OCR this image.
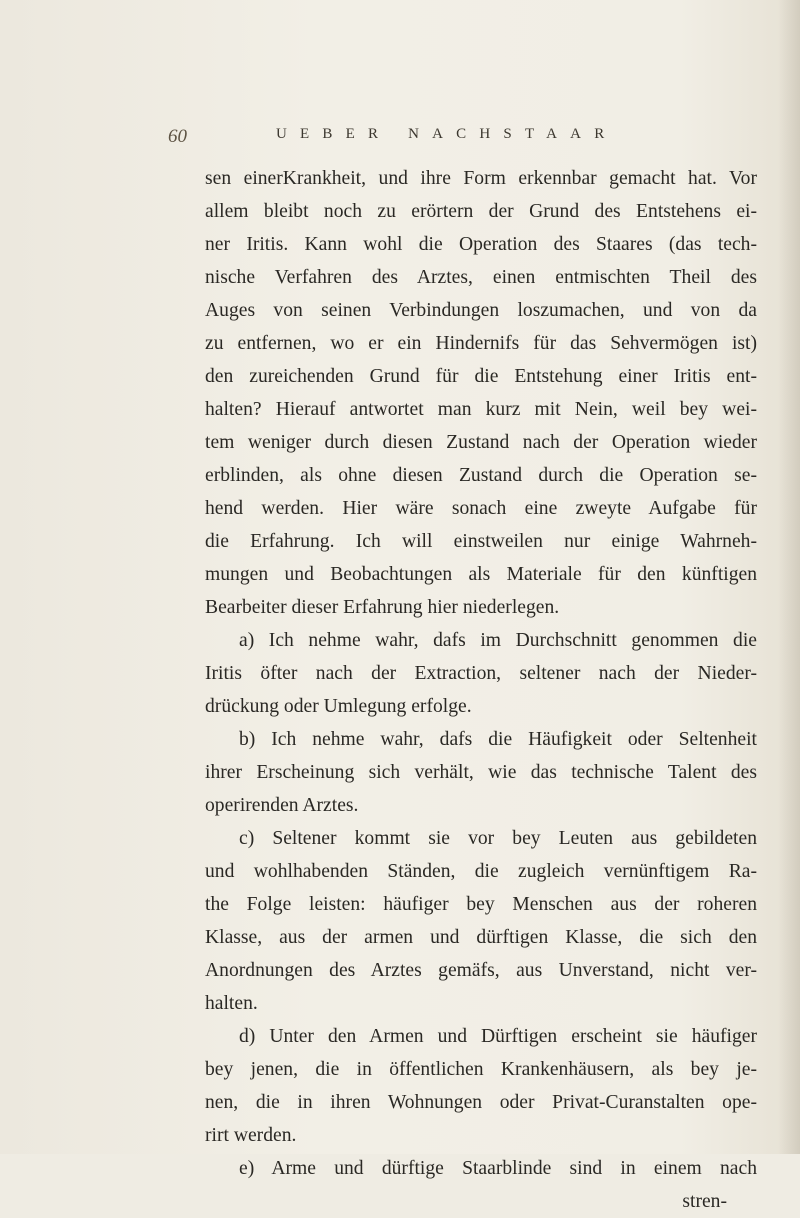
60	UEBER NACHSTAAR
sen einerKrankheit, und ihre Form erkennbar gemacht hat. Vor
allem bleibt noch zu erörtern der Grund des Entstehens ei-
ner Iritis. Kann wohl die Operation des Staares (das tech-
nische Verfahren des Arztes, einen entmischten Theil des
Auges von seinen Verbindungen loszumachen, und von da
zu entfernen, wo er ein Hindernifs für das Sehvermögen ist)
den zureichenden Grund für die Entstehung einer Iritis ent-
halten? Hierauf antwortet man kurz mit Nein, weil bey wei-
tem weniger durch diesen Zustand nach der Operation wieder
erblinden, als ohne diesen Zustand durch die Operation se-
hend werden. Hier wäre sonach eine zweyte Aufgabe für
die Erfahrung. Ich will einstweilen nur einige Wahrneh-
mungen und Beobachtungen als Materiale für den künftigen
Bearbeiter dieser Erfahrung hier niederlegen.
a) Ich nehme wahr, dafs im Durchschnitt genommen die
Iritis öfter nach der Extraction, seltener nach der Nieder-
drückung oder Umlegung erfolge.
b) Ich nehme wahr, dafs die Häufigkeit oder Seltenheit
ihrer Erscheinung sich verhält, wie das technische Talent des
operirenden Arztes.
c) Seltener kommt sie vor bey Leuten aus gebildeten
und wohlhabenden Ständen, die zugleich vernünftigem Ra-
the Folge leisten: häufiger bey Menschen aus der roheren
Klasse, aus der armen und dürftigen Klasse, die sich den
Anordnungen des Arztes gemäfs, aus Unverstand, nicht ver-
halten.
d) Unter den Armen und Dürftigen erscheint sie häufiger
bey jenen, die in öffentlichen Krankenhäusern, als bey je-
nen, die in ihren Wohnungen oder Privat-Curanstalten ope-
rirt werden.
e) Arme und dürftige Staarblinde sind in einem nach
stren-
